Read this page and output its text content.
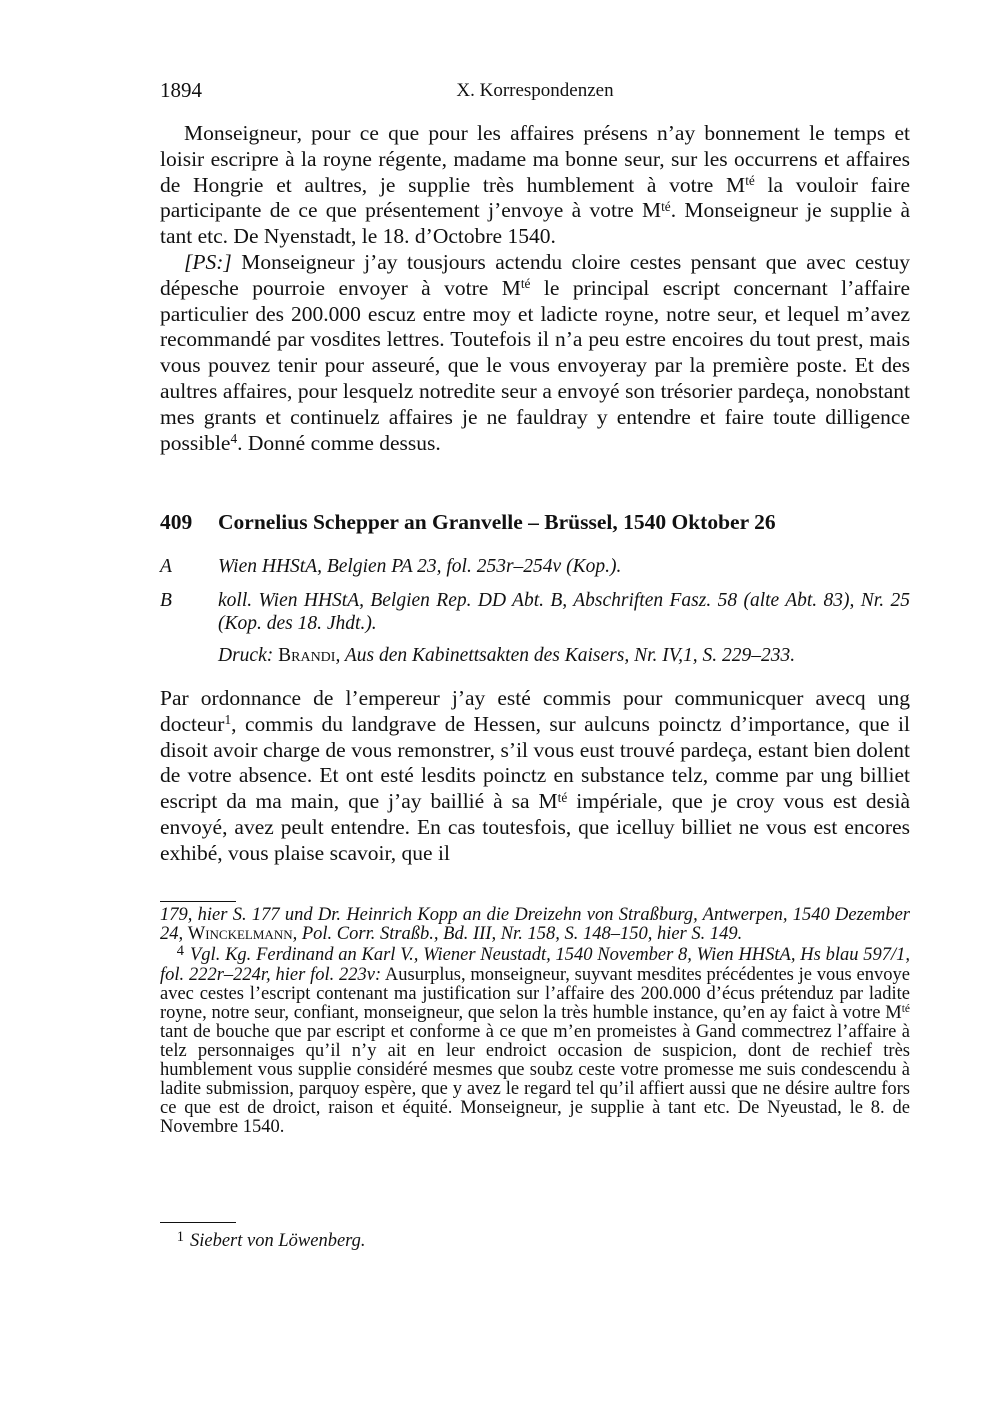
1894	X. Korrespondenzen

Monseigneur, pour ce que pour les affaires présens n’ay bonnement le temps et loisir escripre à la royne régente, madame ma bonne seur, sur les occurrens et affaires de Hongrie et aultres, je supplie très humblement à votre $M^{té}$ la vouloir faire participante de ce que présentement j’envoye à votre $M^{té}$. Monseigneur je supplie à tant etc. De Nyenstadt, le 18. d’Octobre 1540.

[PS:] Monseigneur j’ay tousjours actendu cloire cestes pensant que avec cestuy dépesche pourroie envoyer à votre $M^{té}$ le principal escript concernant l’affaire particulier des 200.000 escuz entre moy et ladicte royne, notre seur, et lequel m’avez recommandé par vosdites lettres. Toutefois il n’a peu estre encoires du tout prest, mais vous pouvez tenir pour asseuré, que le vous envoyeray par la première poste. Et des aultres affaires, pour lesquelz notredite seur a envoyé son trésorier pardeça, nonobstant mes grants et continuelz affaires je ne fauldray y entendre et faire toute dilligence possible$^4$. Donné comme dessus.

409 Cornelius Schepper an Granvelle – Brüssel, 1540 Oktober 26
A Wien HHStA, Belgien PA 23, fol. 253r–254v (Kop.).
B koll. Wien HHStA, Belgien Rep. DD Abt. B, Abschriften Fasz. 58 (alte Abt. 83), Nr. 25 (Kop. des 18. Jhdt.).
Druck: Brandi, Aus den Kabinettsakten des Kaisers, Nr. IV,1, S. 229–233.

Par ordonnance de l’empereur j’ay esté commis pour communicquer avecq ung docteur$^1$, commis du landgrave de Hessen, sur aulcuns poinctz d’importance, que il disoit avoir charge de vous remonstrer, s’il vous eust trouvé pardeça, estant bien dolent de votre absence. Et ont esté lesdits poinctz en substance telz, comme par ung billiet escript da ma main, que j’ay baillié à sa $M^{té}$ impériale, que je croy vous est desià envoyé, avez peult entendre. En cas toutesfois, que icelluy billiet ne vous est encores exhibé, vous plaise scavoir, que il

179, hier S. 177 und Dr. Heinrich Kopp an die Dreizehn von Straßburg, Antwerpen, 1540 Dezember 24, Winckelmann, Pol. Corr. Straßb., Bd. III, Nr. 158, S. 148–150, hier S. 149.
4 Vgl. Kg. Ferdinand an Karl V., Wiener Neustadt, 1540 November 8, Wien HHStA, Hs blau 597/1, fol. 222r–224r, hier fol. 223v: Ausurplus, monseigneur, suyvant mesdites précédentes je vous envoye avec cestes l’escript contenant ma justification sur l’affaire des 200.000 d’écus prétenduz par ladite royne, notre seur, confiant, monseigneur, que selon la très humble instance, qu’en ay faict à votre $M^{té}$ tant de bouche que par escript et conforme à ce que m’en promeistes à Gand commectrez l’affaire à telz personnaiges qu’il n’y ait en leur endroict occasion de suspicion, dont de rechief très humblement vous supplie considéré mesmes que soubz ceste votre promesse me suis condescendu à ladite submission, parquoy espère, que y avez le regard tel qu’il affiert aussi que ne désire aultre fors ce que est de droict, raison et équité. Monseigneur, je supplie à tant etc. De Nyeustad, le 8. de Novembre 1540.
1 Siebert von Löwenberg.
